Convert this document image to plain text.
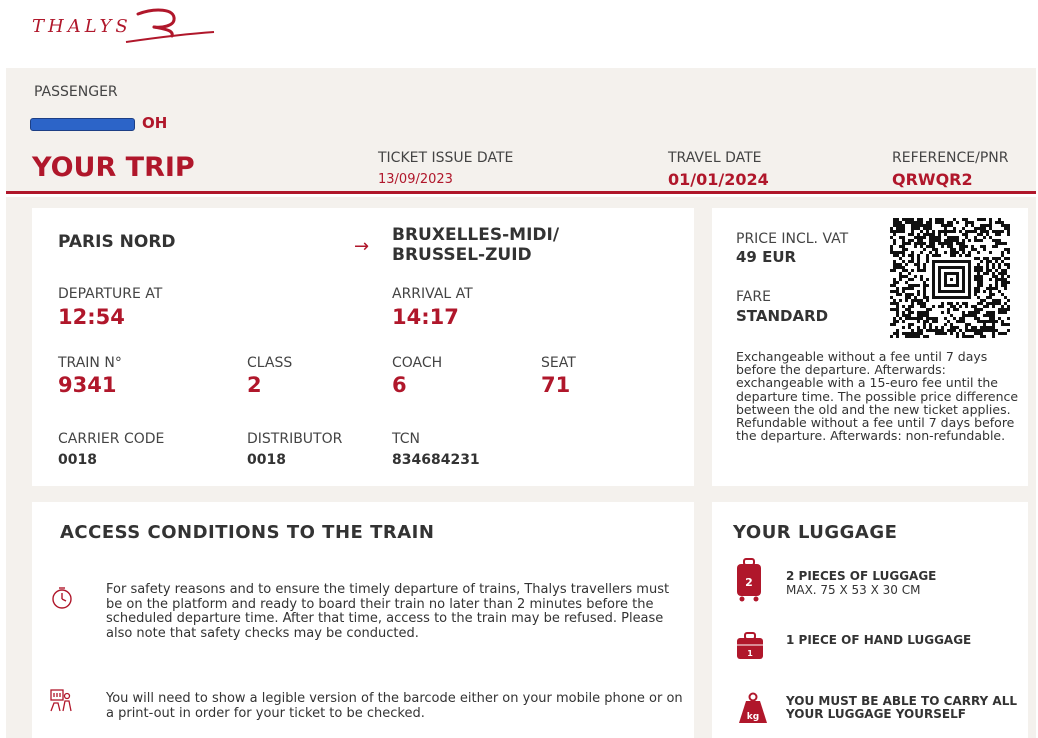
THALYS
PASSENGER
OH
YOUR TRIP	TICKET ISSUE DATE
13/09/2023
TRAVEL DATE
01/01/2024
REFERENCE/PNR
QRWQR2
PARIS NORD	→
BRUXELLES-MIDI/
BRUSSEL-ZUID
DEPARTURE AT
12:54
ARRIVAL AT
14:17
TRAIN N°
9341
CLASS
2
COACH
6
SEAT
71
CARRIER CODE
0018
DISTRIBUTOR
0018
TCN
834684231
PRICE INCL. VAT
49 EUR
FARE
STANDARD
Exchangeable without a fee until 7 days before the departure. Afterwards: exchangeable with a 15-euro fee until the departure time. The possible price difference between the old and the new ticket applies. Refundable without a fee until 7 days before the departure. Afterwards: non-refundable.
ACCESS CONDITIONS TO THE TRAIN
For safety reasons and to ensure the timely departure of trains, Thalys travellers must be on the platform and ready to board their train no later than 2 minutes before the scheduled departure time. After that time, access to the train may be refused. Please also note that safety checks may be conducted.
You will need to show a legible version of the barcode either on your mobile phone or on a print-out in order for your ticket to be checked.
YOUR LUGGAGE
2	2 PIECES OF LUGGAGE
MAX. 75 X 53 X 30 CM
1
1 PIECE OF HAND LUGGAGE
kg
YOU MUST BE ABLE TO CARRY ALL
YOUR LUGGAGE YOURSELF
